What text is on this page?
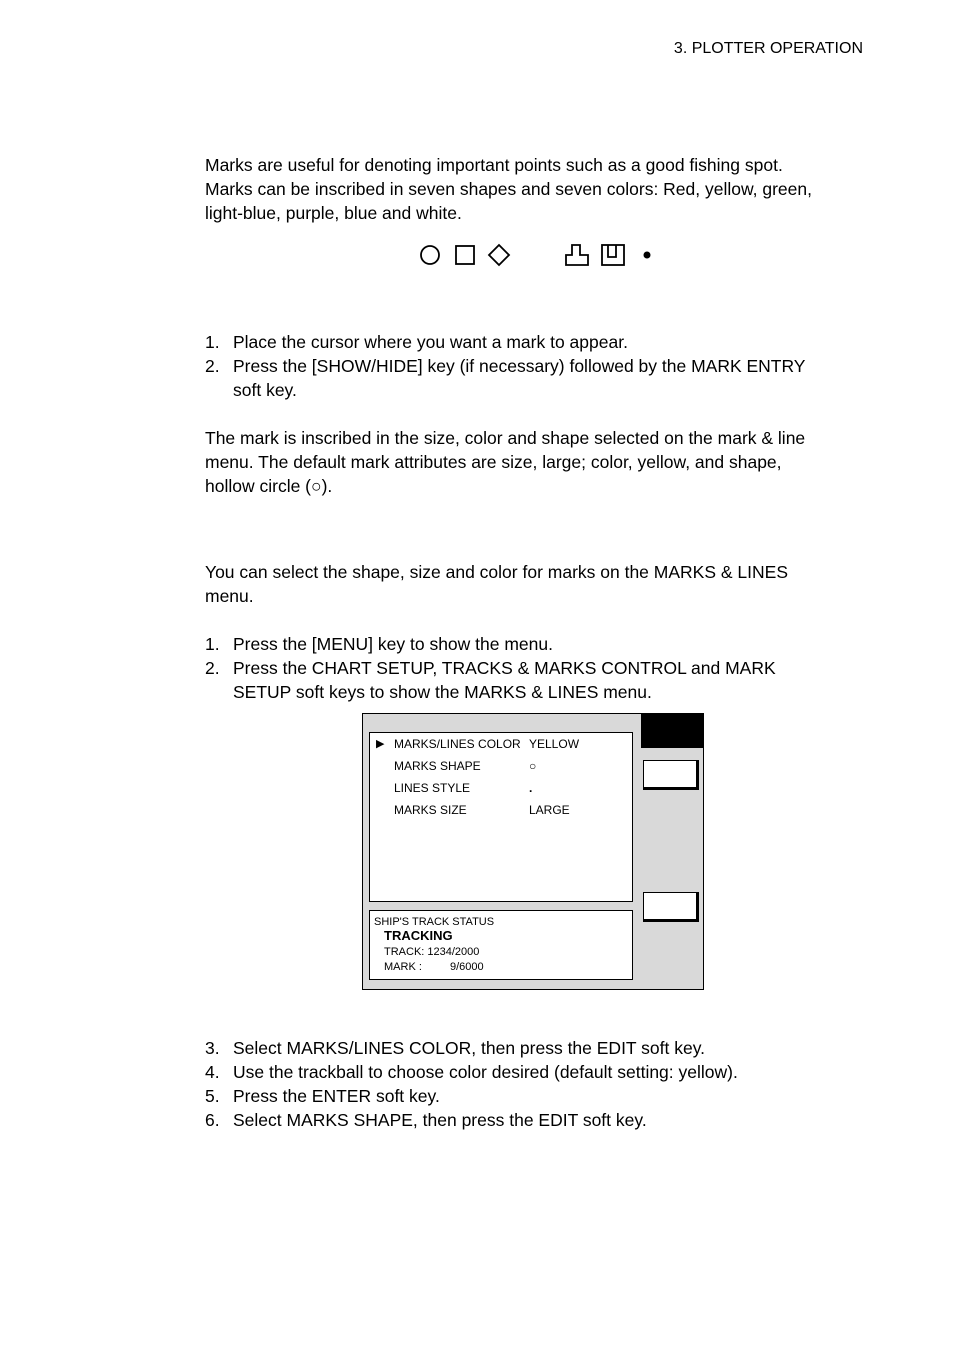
3. PLOTTER OPERATION

Marks are useful for denoting important points such as a good fishing spot.
Marks can be inscribed in seven shapes and seven colors: Red, yellow, green,
light-blue, purple, blue and white.

1. Place the cursor where you want a mark to appear.
2. Press the [SHOW/HIDE] key (if necessary) followed by the MARK ENTRY
soft key.

The mark is inscribed in the size, color and shape selected on the mark & line
menu. The default mark attributes are size, large; color, yellow, and shape,
hollow circle (○).

You can select the shape, size and color for marks on the MARKS & LINES
menu.

1. Press the [MENU] key to show the menu.
2. Press the CHART SETUP, TRACKS & MARKS CONTROL and MARK
SETUP soft keys to show the MARKS & LINES menu.
▶ MARKS/LINES COLOR YELLOW
MARKS SHAPE	○
LINES STYLE	.
MARKS SIZE	LARGE
SHIP'S TRACK STATUS
TRACKING
TRACK: 1234/2000
MARK :	9/6000
3. Select MARKS/LINES COLOR, then press the EDIT soft key.
4. Use the trackball to choose color desired (default setting: yellow).
5. Press the ENTER soft key.
6. Select MARKS SHAPE, then press the EDIT soft key.
